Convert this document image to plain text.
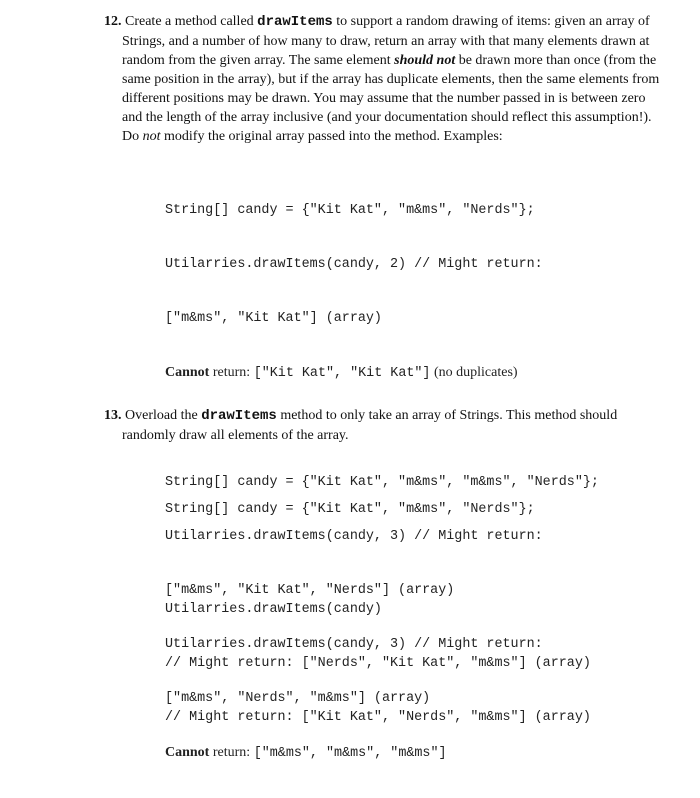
12. Create a method called drawItems to support a random drawing of items: given an array of Strings, and a number of how many to draw, return an array with that many elements drawn at random from the given array. The same element should not be drawn more than once (from the same position in the array), but if the array has duplicate elements, then the same elements from different positions may be drawn. You may assume that the number passed in is between zero and the length of the array inclusive (and your documentation should reflect this assumption!). Do not modify the original array passed into the method. Examples:

String[] candy = {"Kit Kat", "m&ms", "Nerds"};

Utilarries.drawItems(candy, 2) // Might return:

["m&ms", "Kit Kat"] (array)

Cannot return: ["Kit Kat", "Kit Kat"] (no duplicates)

String[] candy = {"Kit Kat", "m&ms", "m&ms", "Nerds"};

Utilarries.drawItems(candy, 3) // Might return:

["m&ms", "Kit Kat", "Nerds"] (array)

Utilarries.drawItems(candy, 3) // Might return:

["m&ms", "Nerds", "m&ms"] (array)

Cannot return: ["m&ms", "m&ms", "m&ms"]

13. Overload the drawItems method to only take an array of Strings. This method should randomly draw all elements of the array.

String[] candy = {"Kit Kat", "m&ms", "Nerds"};

Utilarries.drawItems(candy)

// Might return: ["Nerds", "Kit Kat", "m&ms"] (array)

// Might return: ["Kit Kat", "Nerds", "m&ms"] (array)
